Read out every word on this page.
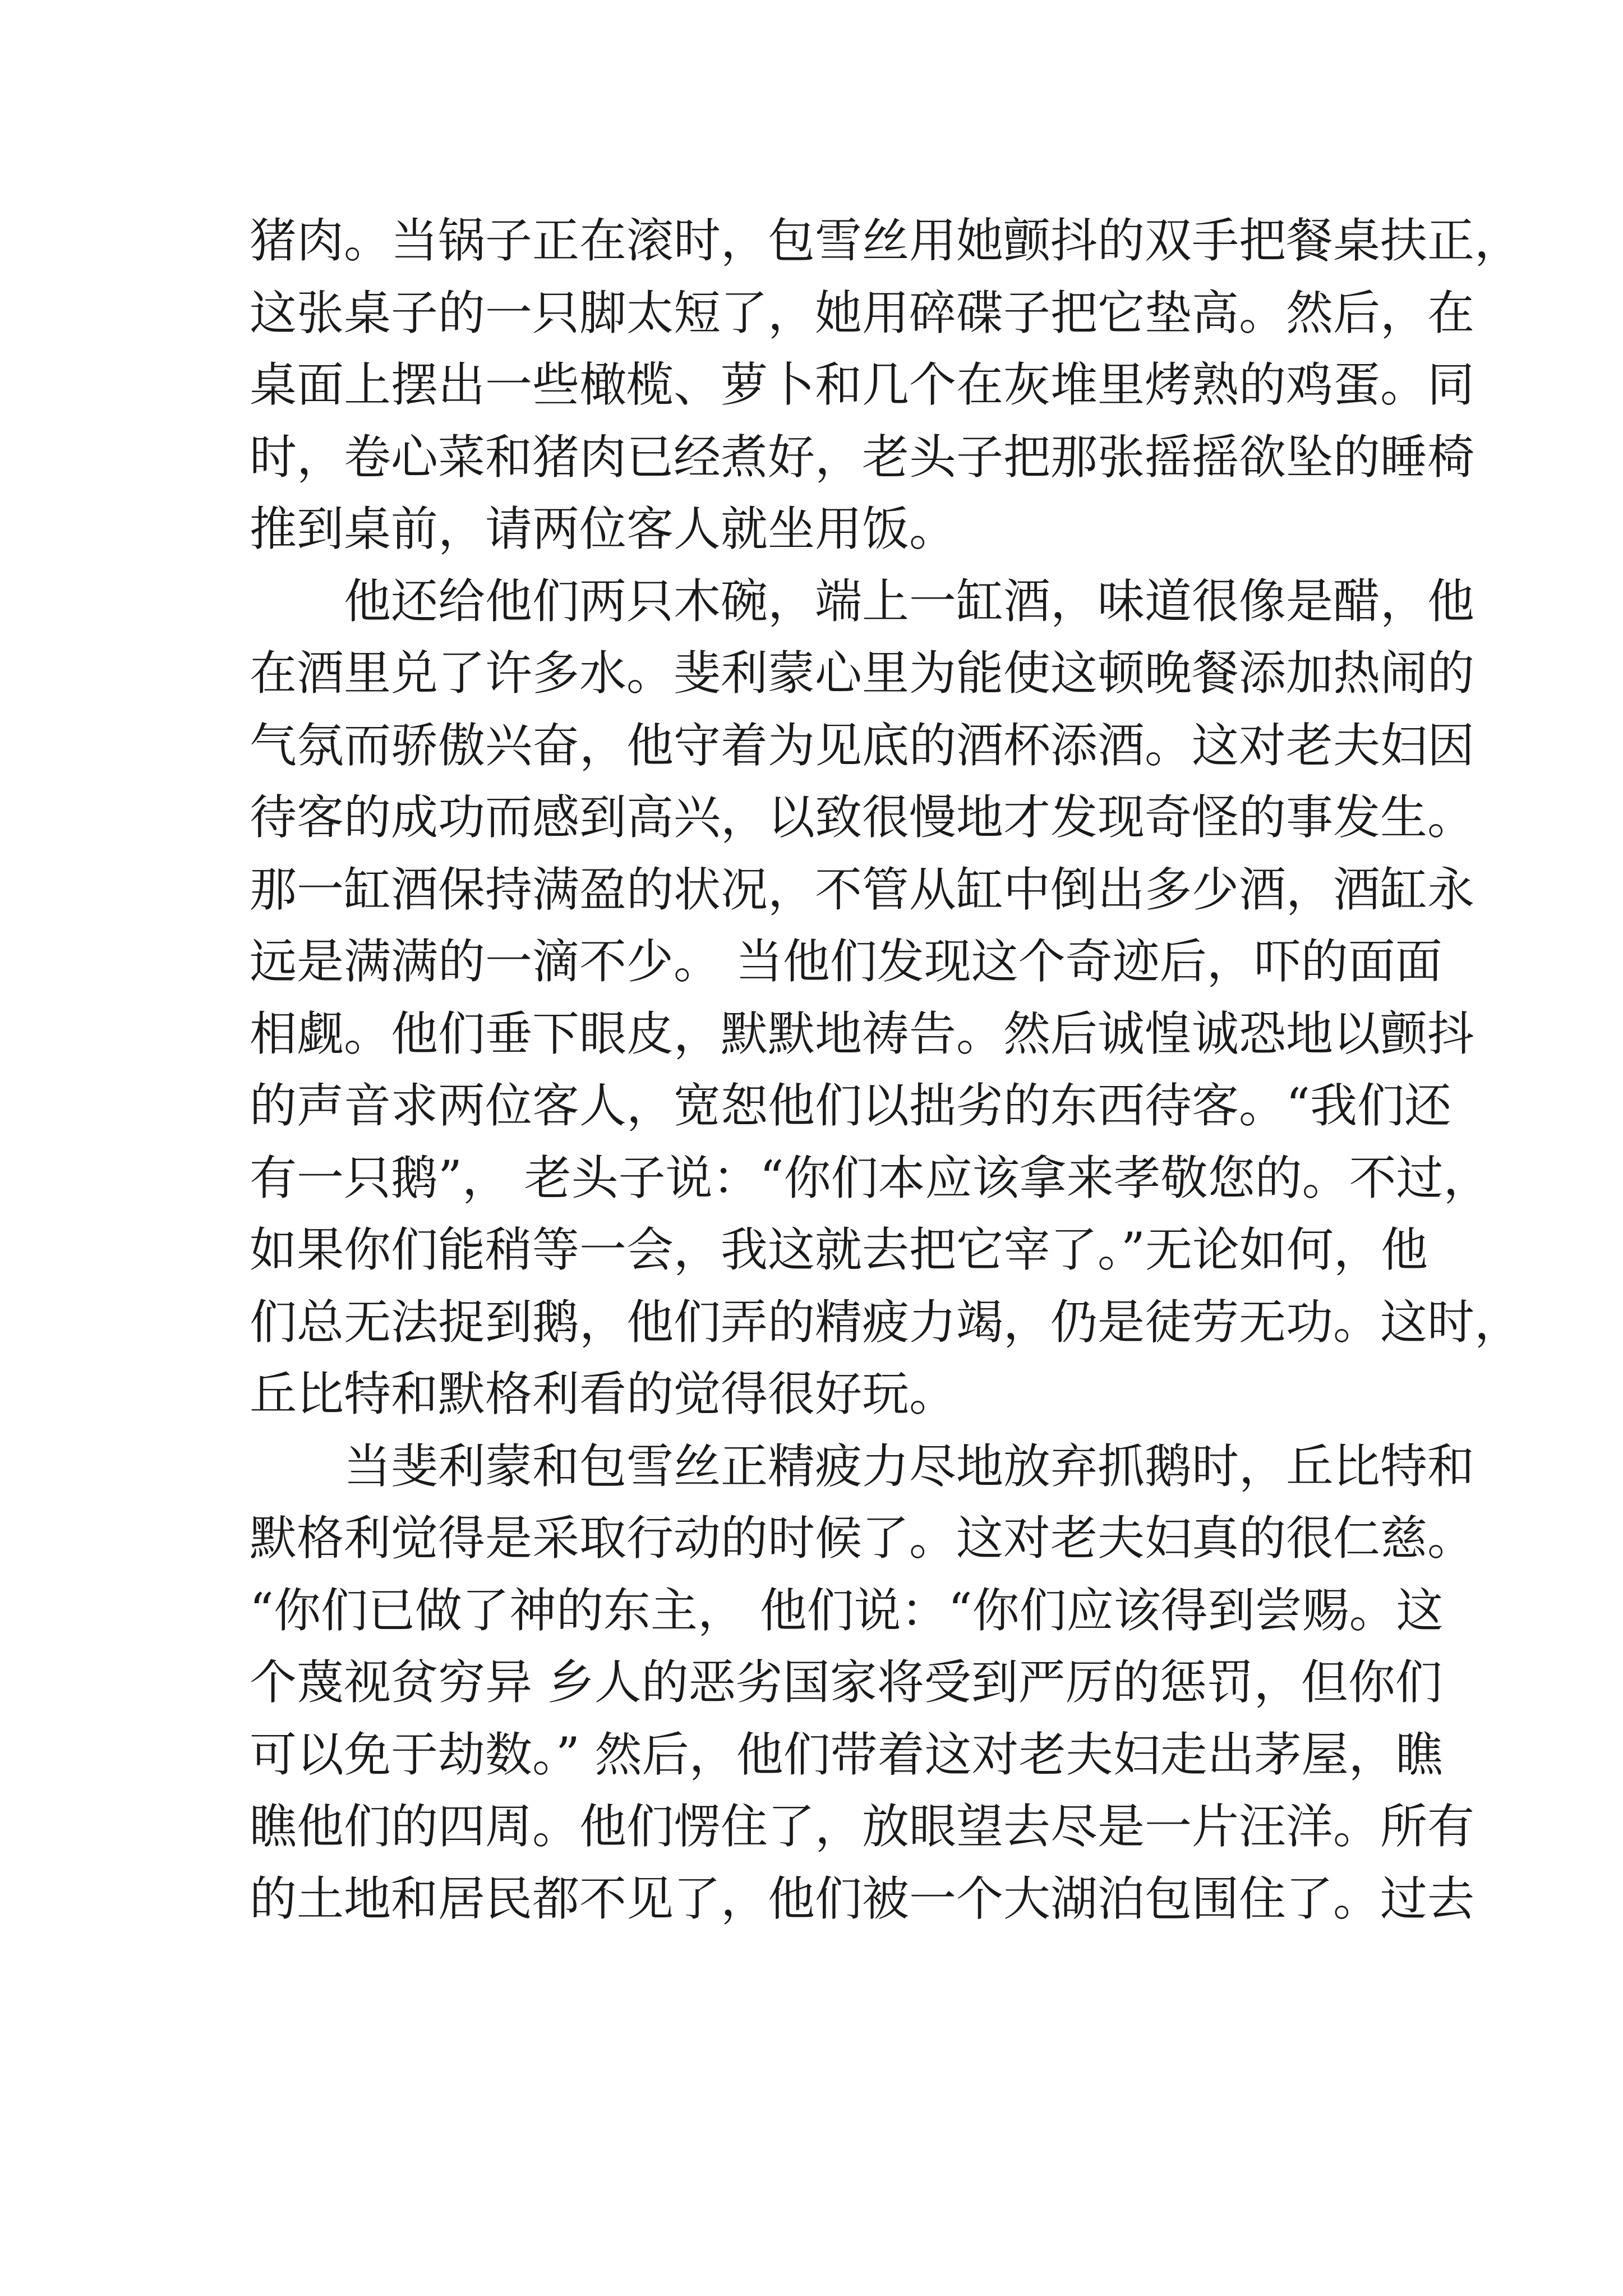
猪肉。当锅子正在滚时，包雪丝用她颤抖的双手把餐桌扶正，
这张桌子的一只脚太短了，她用碎碟子把它垫高。然后，在
桌面上摆出一些橄榄、萝卜和几个在灰堆里烤熟的鸡蛋。同
时，卷心菜和猪肉已经煮好，老头子把那张摇摇欲坠的睡椅
推到桌前，请两位客人就坐用饭。
他还给他们两只木碗，端上一缸酒，味道很像是醋，他
在酒里兑了许多水。斐利蒙心里为能使这顿晚餐添加热闹的
气氛而骄傲兴奋，他守着为见底的酒杯添酒。这对老夫妇因
待客的成功而感到高兴，以致很慢地才发现奇怪的事发生。
那一缸酒保持满盈的状况，不管从缸中倒出多少酒，酒缸永
远是满满的一滴不少。 当他们发现这个奇迹后，吓的面面
相觑。他们垂下眼皮，默默地祷告。然后诚惶诚恐地以颤抖
的声音求两位客人，宽恕他们以拙劣的东西待客。“我们还
有一只鹅”， 老头子说：“你们本应该拿来孝敬您的。不过，
如果你们能稍等一会，我这就去把它宰了。”无论如何，他
们总无法捉到鹅，他们弄的精疲力竭，仍是徒劳无功。这时，
丘比特和默格利看的觉得很好玩。
当斐利蒙和包雪丝正精疲力尽地放弃抓鹅时，丘比特和
默格利觉得是采取行动的时候了。这对老夫妇真的很仁慈。
“你们已做了神的东主， 他们说：“你们应该得到尝赐。这
个蔑视贫穷异 乡人的恶劣国家将受到严厉的惩罚，但你们
可以免于劫数。” 然后，他们带着这对老夫妇走出茅屋，瞧
瞧他们的四周。他们愣住了，放眼望去尽是一片汪洋。所有
的土地和居民都不见了，他们被一个大湖泊包围住了。过去
